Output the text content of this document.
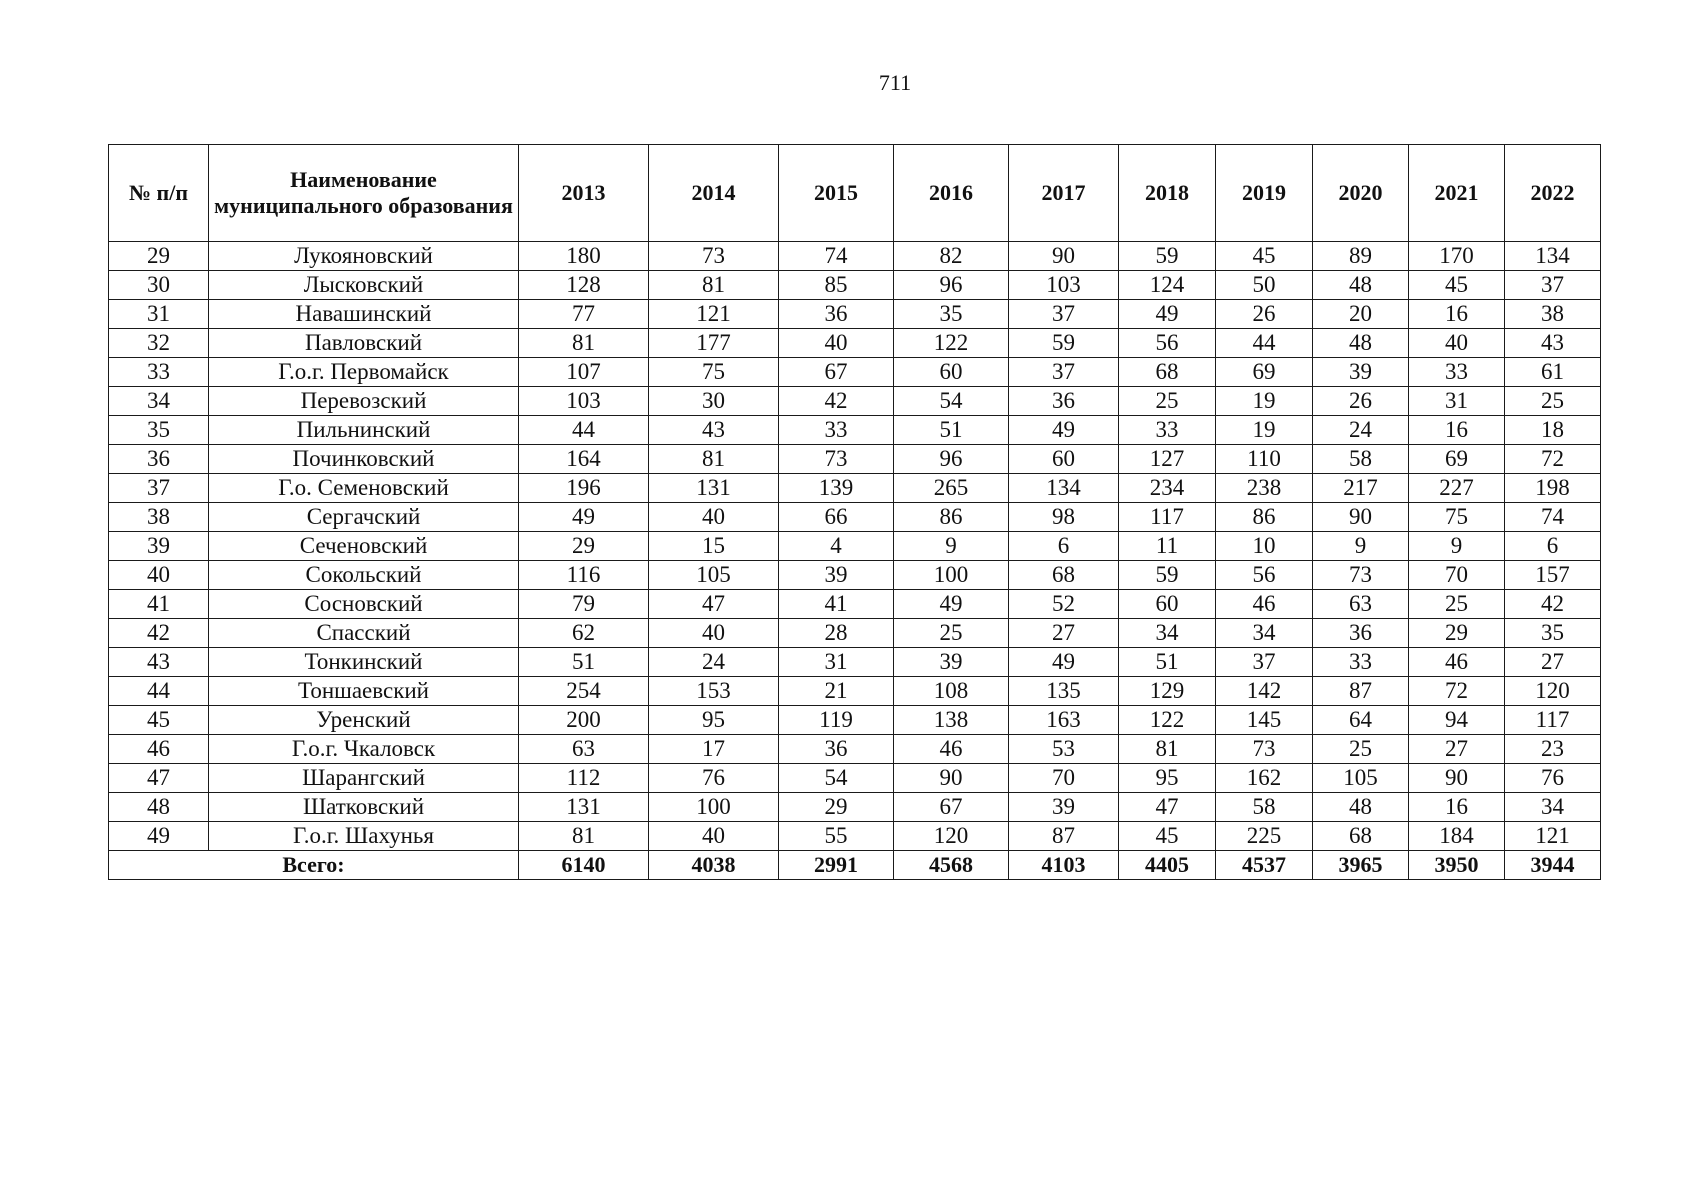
711
№ п/п	Наименование муниципального образования	2013	2014	2015	2016	2017	2018	2019	2020	2021	2022
29	Лукояновский	180	73	74	82	90	59	45	89	170	134
30	Лысковский	128	81	85	96	103	124	50	48	45	37
31	Навашинский	77	121	36	35	37	49	26	20	16	38
32	Павловский	81	177	40	122	59	56	44	48	40	43
33	Г.о.г. Первомайск	107	75	67	60	37	68	69	39	33	61
34	Перевозский	103	30	42	54	36	25	19	26	31	25
35	Пильнинский	44	43	33	51	49	33	19	24	16	18
36	Починковский	164	81	73	96	60	127	110	58	69	72
37	Г.о. Семеновский	196	131	139	265	134	234	238	217	227	198
38	Сергачский	49	40	66	86	98	117	86	90	75	74
39	Сеченовский	29	15	4	9	6	11	10	9	9	6
40	Сокольский	116	105	39	100	68	59	56	73	70	157
41	Сосновский	79	47	41	49	52	60	46	63	25	42
42	Спасский	62	40	28	25	27	34	34	36	29	35
43	Тонкинский	51	24	31	39	49	51	37	33	46	27
44	Тоншаевский	254	153	21	108	135	129	142	87	72	120
45	Уренский	200	95	119	138	163	122	145	64	94	117
46	Г.о.г. Чкаловск	63	17	36	46	53	81	73	25	27	23
47	Шарангский	112	76	54	90	70	95	162	105	90	76
48	Шатковский	131	100	29	67	39	47	58	48	16	34
49	Г.о.г. Шахунья	81	40	55	120	87	45	225	68	184	121
Всего:		6140	4038	2991	4568	4103	4405	4537	3965	3950	3944
